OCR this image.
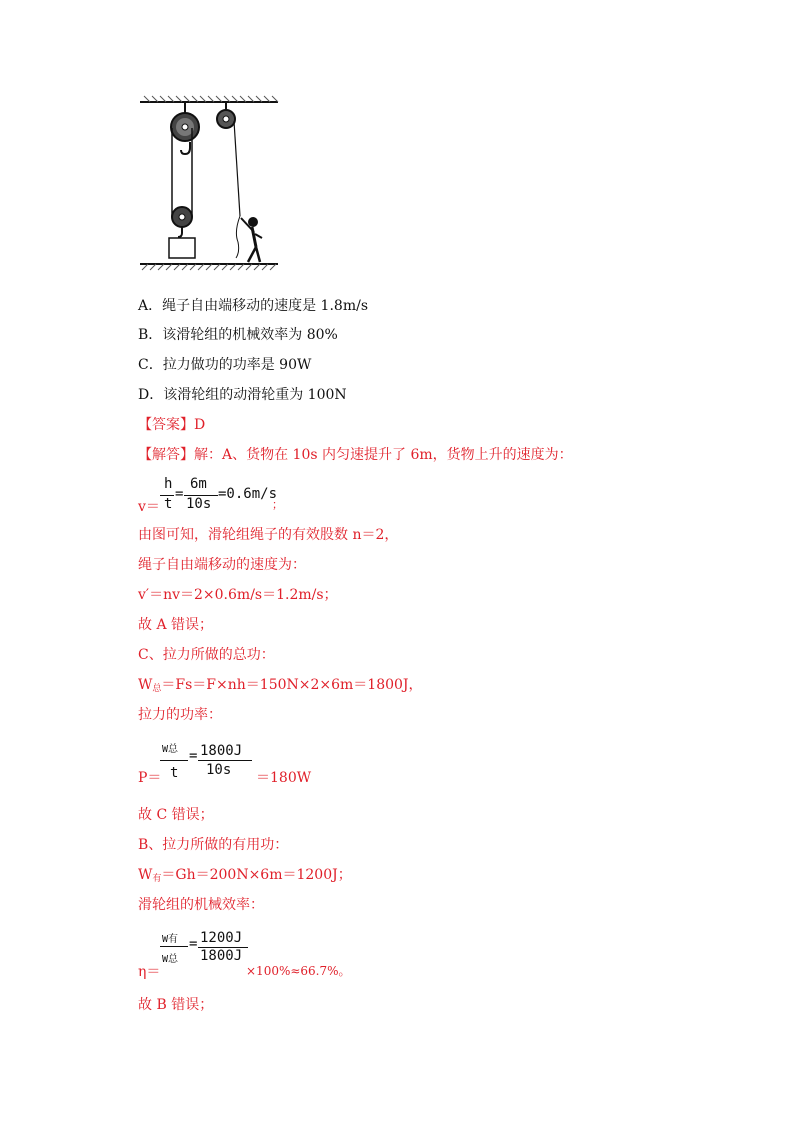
A．绳子自由端移动的速度是 1.8m/s
B．该滑轮组的机械效率为 80%
C．拉力做功的功率是 90W
D．该滑轮组的动滑轮重为 100N
【答案】D
【解答】解：A、货物在 10s 内匀速提升了 6m，货物上升的速度为：
v＝
h
t
=
6m
10s
=0.6m/s
；
由图可知，滑轮组绳子的有效股数 n＝2，
绳子自由端移动的速度为：
v′＝nv＝2×0.6m/s＝1.2m/s；
故 A 错误；
C、拉力所做的总功：
W总＝Fs＝F×nh＝150N×2×6m＝1800J，
拉力的功率：
P＝
W总
t
= 1800J
10s ＝180W
故 C 错误；
B、拉力所做的有用功：
W有＝Gh＝200N×6m＝1200J；
滑轮组的机械效率：
η＝
W有
W总
= 1200J
1800J
×100%≈66.7%。
故 B 错误；
